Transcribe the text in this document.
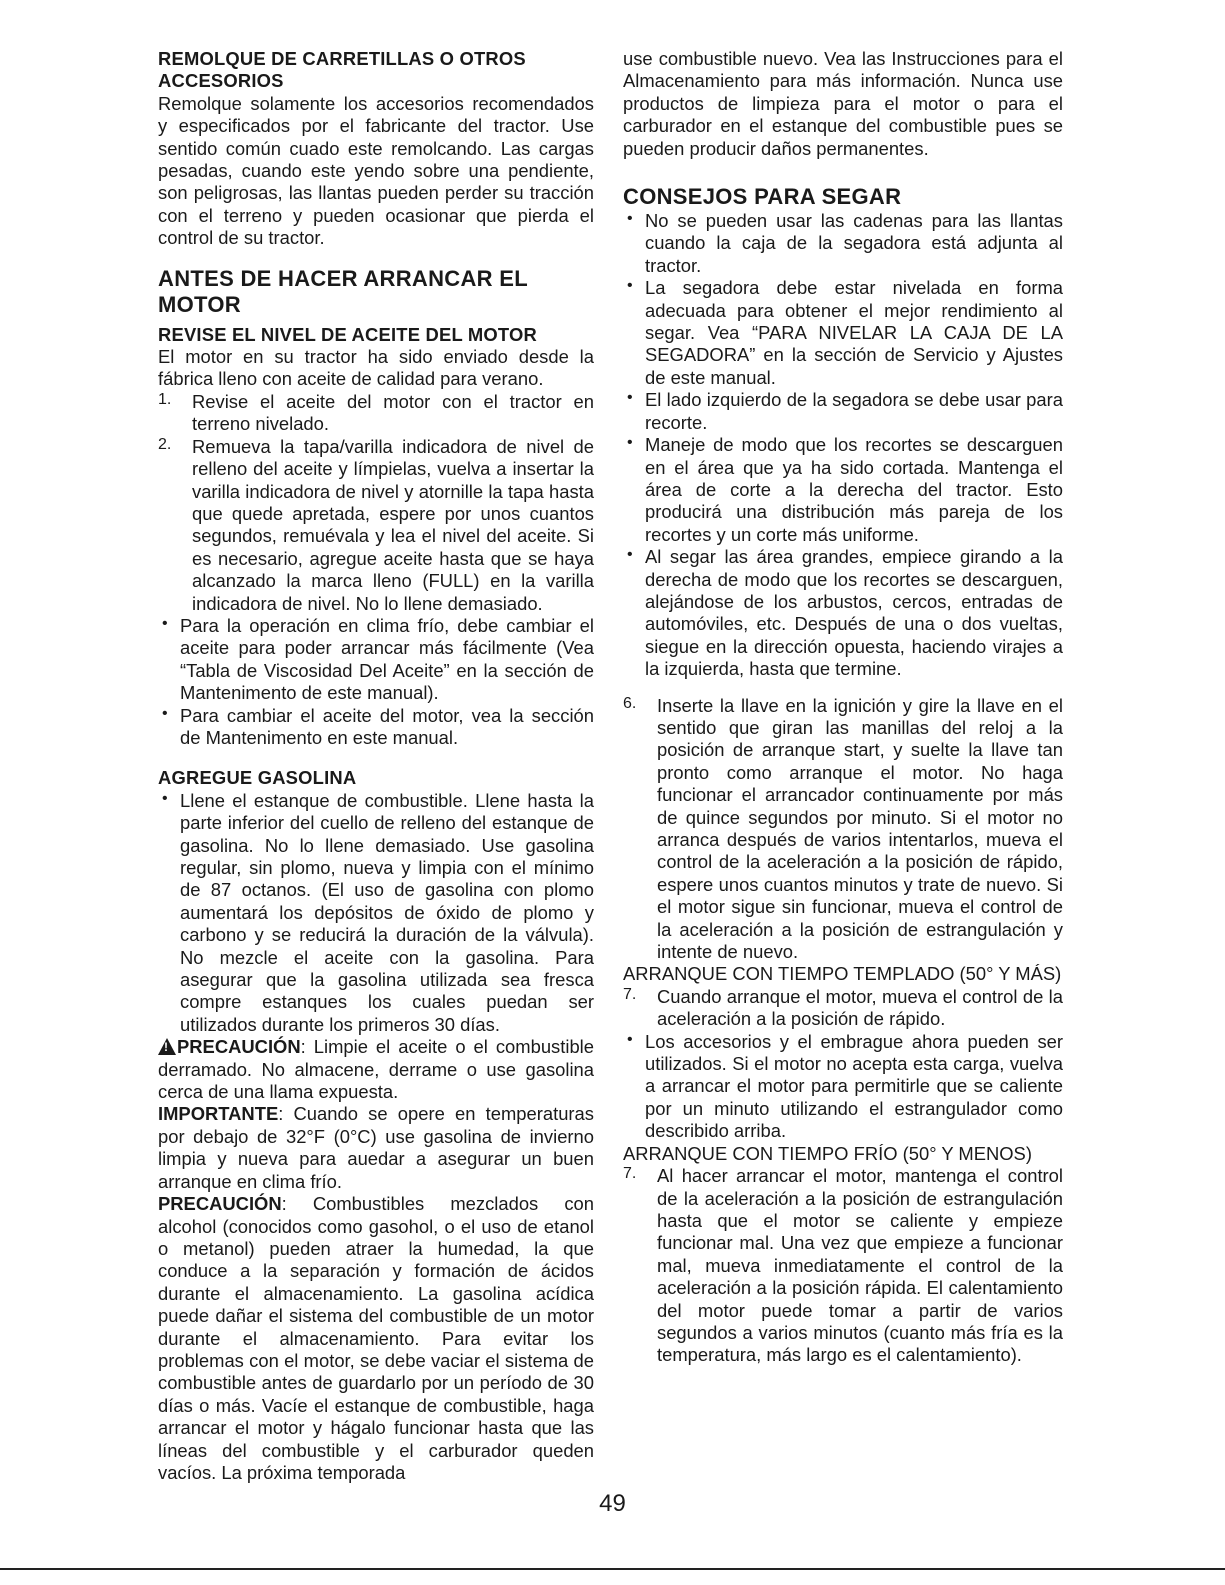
REMOLQUE DE CARRETILLAS O OTROS ACCESORIOS

Remolque solamente los accesorios recomendados y especificados por el fabricante del tractor. Use sentido común cuado este remolcando. Las cargas pesadas, cuando este yendo sobre una pendiente, son peligrosas, las llantas pueden perder su tracción con el terreno y pueden ocasionar que pierda el control de su tractor.

ANTES DE HACER ARRANCAR EL MOTOR

REVISE EL NIVEL DE ACEITE DEL MOTOR

El motor en su tractor ha sido enviado desde la fábrica lleno con aceite de calidad para verano.

1.	Revise el aceite del motor con el tractor en terreno nivelado.

2.	Remueva la tapa/varilla indicadora de nivel de relleno del aceite y límpielas, vuelva a insertar la varilla indicadora de nivel y atornille la tapa hasta que quede apretada, espere por unos cuantos segundos, remuévala y lea el nivel del aceite. Si es necesario, agregue aceite hasta que se haya alcanzado la marca lleno (FULL) en la varilla indicadora de nivel. No lo llene demasiado.

• Para la operación en clima frío, debe cambiar el aceite para poder arrancar más fácilmente (Vea “Tabla de Viscosidad Del Aceite” en la sección de Mantenimento de este manual).

• Para cambiar el aceite del motor, vea la sección de Mantenimento en este manual.

AGREGUE GASOLINA

• Llene el estanque de combustible. Llene hasta la parte inferior del cuello de relleno del estanque de gasolina. No lo llene demasiado. Use gasolina regular, sin plomo, nueva y limpia con el mínimo de 87 octanos. (El uso de gasolina con plomo aumentará los depósitos de óxido de plomo y carbono y se reducirá la duración de la válvula). No mezcle el aceite con la gasolina. Para asegurar que la gasolina utilizada sea fresca compre estanques los cuales puedan ser utilizados durante los primeros 30 días.

!PRECAUCIÓN: Limpie el aceite o el combustible derramado. No almacene, derrame o use gasolina cerca de una llama expuesta.

IMPORTANTE: Cuando se opere en temperaturas por debajo de 32°F (0°C) use gasolina de invierno limpia y nueva para auedar a asegurar un buen arranque en clima frío.

PRECAUCIÓN: Combustibles mezclados con alcohol (conocidos como gasohol, o el uso de etanol o metanol) pueden atraer la humedad, la que conduce a la separación y formación de ácidos durante el almacenamiento. La gasolina acídica puede dañar el sistema del combustible de un motor durante el almacenamiento. Para evitar los problemas con el motor, se debe vaciar el sistema de combustible antes de guardarlo por un período de 30 días o más. Vacíe el estanque de combustible, haga arrancar el motor y hágalo funcionar hasta que las líneas del combustible y el carburador queden vacíos. La próxima temporada

use combustible nuevo. Vea las Instrucciones para el Almacenamiento para más información. Nunca use productos de limpieza para el motor o para el carburador en el estanque del combustible pues se pueden producir daños permanentes.

CONSEJOS PARA SEGAR

• No se pueden usar las cadenas para las llantas cuando la caja de la segadora está adjunta al tractor.

• La segadora debe estar nivelada en forma adecuada para obtener el mejor rendimiento al segar. Vea “PARA NIVELAR LA CAJA DE LA SEGADORA” en la sección de Servicio y Ajustes de este manual.

• El lado izquierdo de la segadora se debe usar para recorte.

• Maneje de modo que los recortes se descarguen en el área que ya ha sido cortada. Mantenga el área de corte a la derecha del tractor. Esto producirá una distribución más pareja de los recortes y un corte más uniforme.

• Al segar las área grandes, empiece girando a la derecha de modo que los recortes se descarguen, alejándose de los arbustos, cercos, entradas de automóviles, etc. Después de una o dos vueltas, siegue en la dirección opuesta, haciendo virajes a la izquierda, hasta que termine.

6.	Inserte la llave en la ignición y gire la llave en el sentido que giran las manillas del reloj a la posición de arranque start, y suelte la llave tan pronto como arranque el motor. No haga funcionar el arrancador continuamente por más de quince segundos por minuto. Si el motor no arranca después de varios intentarlos, mueva el control de la aceleración a la posición de rápido, espere unos cuantos minutos y trate de nuevo. Si el motor sigue sin funcionar, mueva el control de la aceleración a la posición de estrangulación y intente de nuevo.

ARRANQUE CON TIEMPO TEMPLADO (50° Y MÁS)

7.	Cuando arranque el motor, mueva el control de la aceleración a la posición de rápido.

• Los accesorios y el embrague ahora pueden ser utilizados. Si el motor no acepta esta carga, vuelva a arrancar el motor para permitirle que se caliente por un minuto utilizando el estrangulador como describido arriba.

ARRANQUE CON TIEMPO FRÍO (50° Y MENOS)

7.	Al hacer arrancar el motor, mantenga el control de la aceleración a la posición de estrangulación hasta que el motor se caliente y empieze funcionar mal. Una vez que empieze a funcionar mal, mueva inmediatamente el control de la aceleración a la posición rápida. El calentamiento del motor puede tomar a partir de varios segundos a varios minutos (cuanto más fría es la temperatura, más largo es el calentamiento).

49
